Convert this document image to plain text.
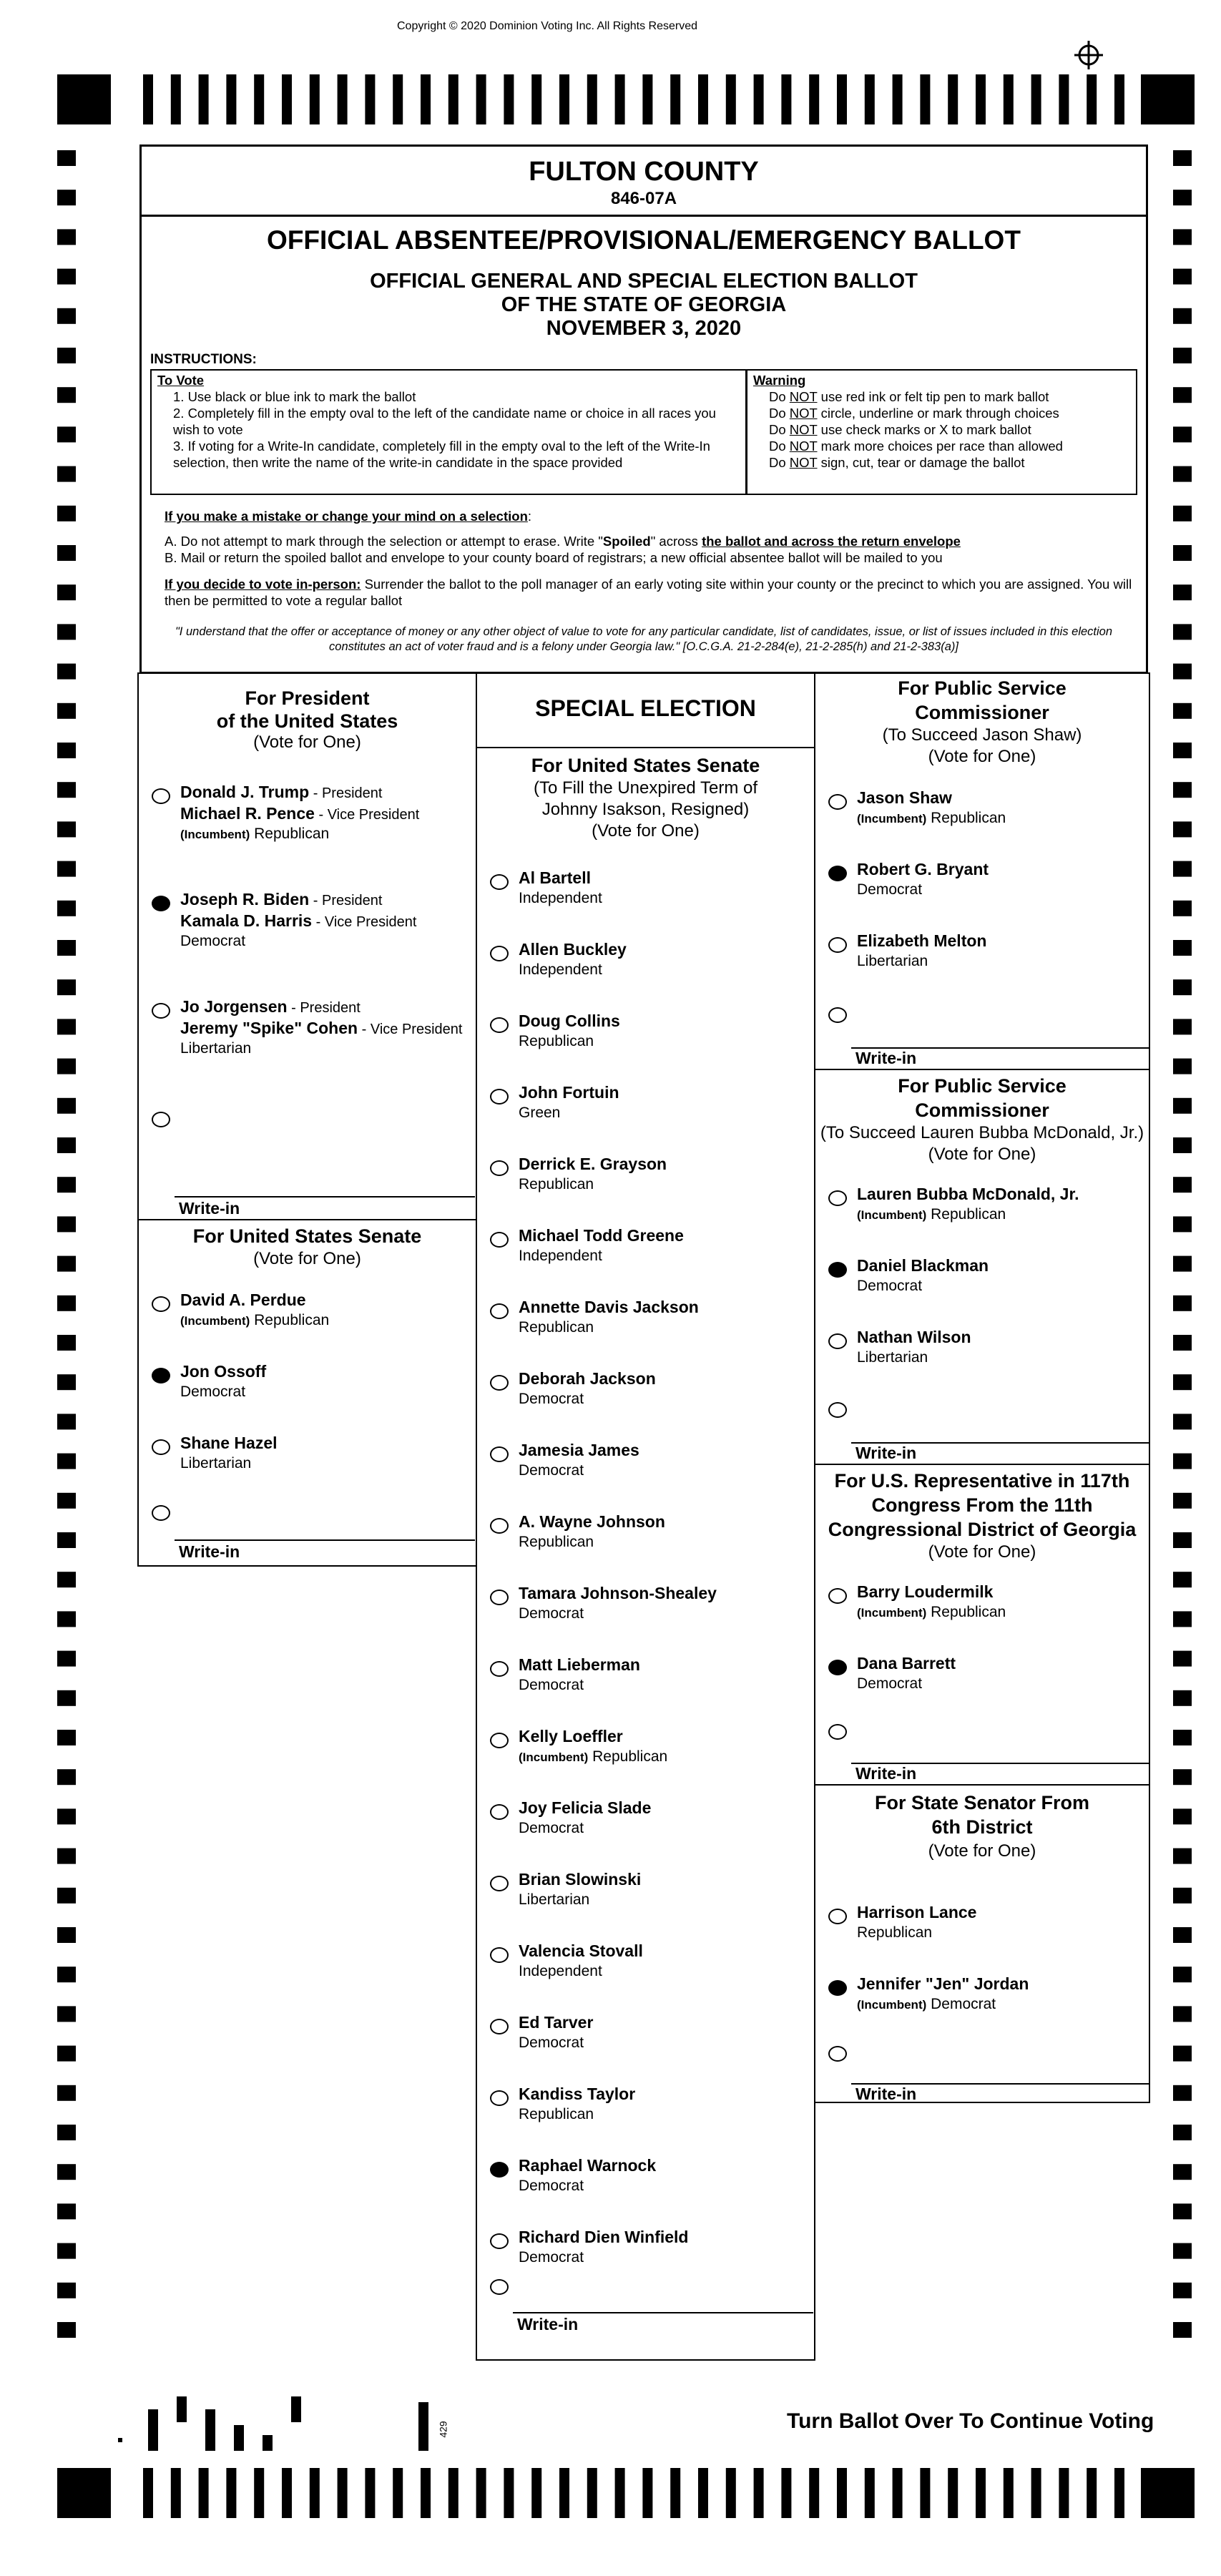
Copyright © 2020 Dominion Voting Inc. All Rights Reserved
FULTON COUNTY
846-07A
OFFICIAL ABSENTEE/PROVISIONAL/EMERGENCY BALLOT
OFFICIAL GENERAL AND SPECIAL ELECTION BALLOT
OF THE STATE OF GEORGIA
NOVEMBER 3, 2020
INSTRUCTIONS:
To Vote
1. Use black or blue ink to mark the ballot
2. Completely fill in the empty oval to the left of the candidate name or choice in all races you wish to vote
3. If voting for a Write-In candidate, completely fill in the empty oval to the left of the Write-In selection, then write the name of the write-in candidate in the space provided
Warning
Do NOT use red ink or felt tip pen to mark ballot
Do NOT circle, underline or mark through choices
Do NOT use check marks or X to mark ballot
Do NOT mark more choices per race than allowed
Do NOT sign, cut, tear or damage the ballot
If you make a mistake or change your mind on a selection:
A. Do not attempt to mark through the selection or attempt to erase. Write "Spoiled" across the ballot and across the return envelope
B. Mail or return the spoiled ballot and envelope to your county board of registrars; a new official absentee ballot will be mailed to you
If you decide to vote in-person: Surrender the ballot to the poll manager of an early voting site within your county or the precinct to which you are assigned. You will then be permitted to vote a regular ballot
"I understand that the offer or acceptance of money or any other object of value to vote for any particular candidate, list of candidates, issue, or list of issues included in this election constitutes an act of voter fraud and is a felony under Georgia law." [O.C.G.A. 21-2-284(e), 21-2-285(h) and 21-2-383(a)]
For President
of the United States
(Vote for One)
Donald J. Trump - President
Michael R. Pence - Vice President
(Incumbent) Republican
Joseph R. Biden - President
Kamala D. Harris - Vice President
Democrat
Jo Jorgensen - President
Jeremy "Spike" Cohen - Vice President
Libertarian
Write-in
For United States Senate
(Vote for One)
David A. Perdue
(Incumbent) Republican
Jon Ossoff
Democrat
Shane Hazel
Libertarian
Write-in
SPECIAL ELECTION
For United States Senate
(To Fill the Unexpired Term of
Johnny Isakson, Resigned)
(Vote for One)
Al Bartell
Independent
Allen Buckley
Independent
Doug Collins
Republican
John Fortuin
Green
Derrick E. Grayson
Republican
Michael Todd Greene
Independent
Annette Davis Jackson
Republican
Deborah Jackson
Democrat
Jamesia James
Democrat
A. Wayne Johnson
Republican
Tamara Johnson-Shealey
Democrat
Matt Lieberman
Democrat
Kelly Loeffler
(Incumbent) Republican
Joy Felicia Slade
Democrat
Brian Slowinski
Libertarian
Valencia Stovall
Independent
Ed Tarver
Democrat
Kandiss Taylor
Republican
Raphael Warnock
Democrat
Richard Dien Winfield
Democrat
Write-in
For Public Service
Commissioner
(To Succeed Jason Shaw)
(Vote for One)
Jason Shaw
(Incumbent) Republican
Robert G. Bryant
Democrat
Elizabeth Melton
Libertarian
Write-in
For Public Service
Commissioner
(To Succeed Lauren Bubba McDonald, Jr.)
(Vote for One)
Lauren Bubba McDonald, Jr.
(Incumbent) Republican
Daniel Blackman
Democrat
Nathan Wilson
Libertarian
Write-in
For U.S. Representative in 117th
Congress From the 11th
Congressional District of Georgia
(Vote for One)
Barry Loudermilk
(Incumbent) Republican
Dana Barrett
Democrat
Write-in
For State Senator From
6th District
(Vote for One)
Harrison Lance
Republican
Jennifer "Jen" Jordan
(Incumbent) Democrat
Write-in
Turn Ballot Over To Continue Voting
429
